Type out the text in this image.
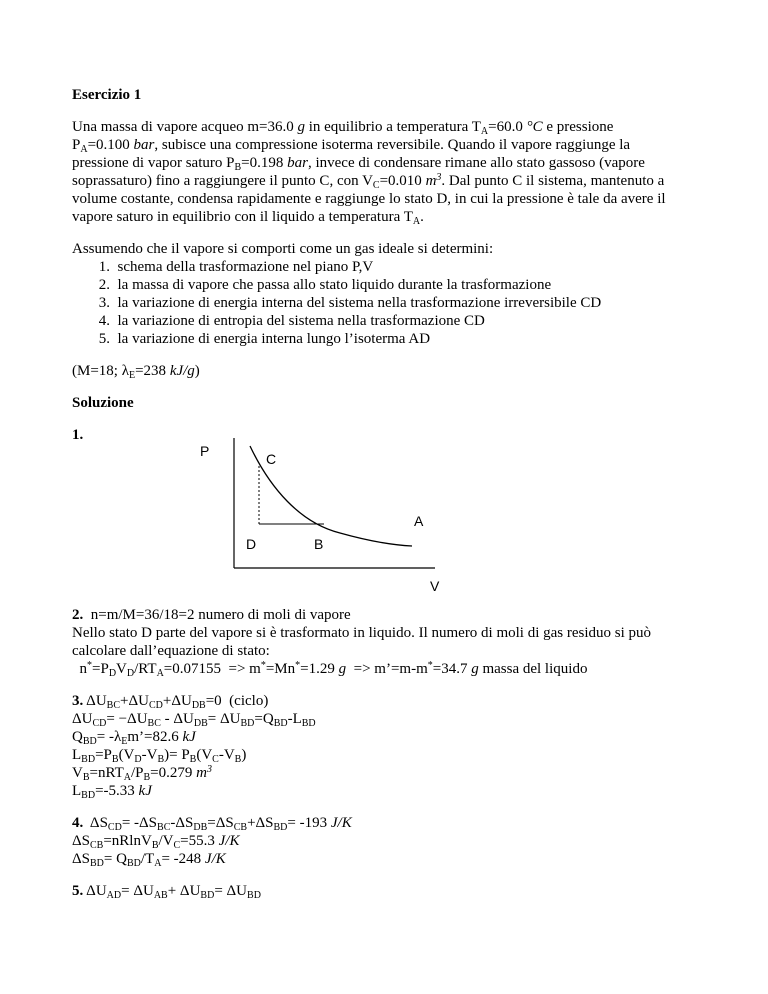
Esercizio 1
Una massa di vapore acqueo m=36.0 g in equilibrio a temperatura $T_A=60.0$ °C e pressione
$P_A=0.100$ bar, subisce una compressione isoterma reversibile. Quando il vapore raggiunge la
pressione di vapor saturo $P_B=0.198$ bar, invece di condensare rimane allo stato gassoso (vapore
soprassaturo) fino a raggiungere il punto C, con $V_C=0.010$ $m^3$. Dal punto C il sistema, mantenuto a
volume costante, condensa rapidamente e raggiunge lo stato D, in cui la pressione è tale da avere il
vapore saturo in equilibrio con il liquido a temperatura $T_A$.
Assumendo che il vapore si comporti come un gas ideale si determini:
1. schema della trasformazione nel piano P,V
2. la massa di vapore che passa allo stato liquido durante la trasformazione
3. la variazione di energia interna del sistema nella trasformazione irreversibile CD
4. la variazione di entropia del sistema nella trasformazione CD
5. la variazione di energia interna lungo l’isoterma AD
(M=18; $\lambda_E=238$ kJ/g)
Soluzione
1.
P	C
A
D	B
V
2.  n=m/M=36/18=2 numero di moli di vapore
Nello stato D parte del vapore si è trasformato in liquido. Il numero di moli di gas residuo si può
calcolare dall’equazione di stato:
$n^*=P_DV_D/RT_A=0.07155 => m^*=Mn^*=1.29$ g  => m’=m-m*=34.7 g massa del liquido
3. $\Delta U_{BC}+\Delta U_{CD}+\Delta U_{DB}=0$  (ciclo)
$\Delta U_{CD}= -\Delta U_{BC} - \Delta U_{DB}= \Delta U_{BD}=Q_{BD}-L_{BD}$
$Q_{BD}=$ $-\lambda_Em’=82.6$ kJ
$L_{BD}=P_B(V_D-V_B)= P_B(V_C-V_B)$
$V_B=nRT_A/P_B=0.279$ $m^3$
$L_{BD}=-5.33$ kJ
4.  $\Delta S_{CD}= -\Delta S_{BC}-\Delta S_{DB}=\Delta S_{CB}+\Delta S_{BD}= -193$ J/K
$\Delta S_{CB}=nRlnV_B/V_C=55.3$ J/K
$\Delta S_{BD}= Q_{BD}/T_A= -248$ J/K
5. $\Delta U_{AD}= \Delta U_{AB}+ \Delta U_{BD}= \Delta U_{BD}$
